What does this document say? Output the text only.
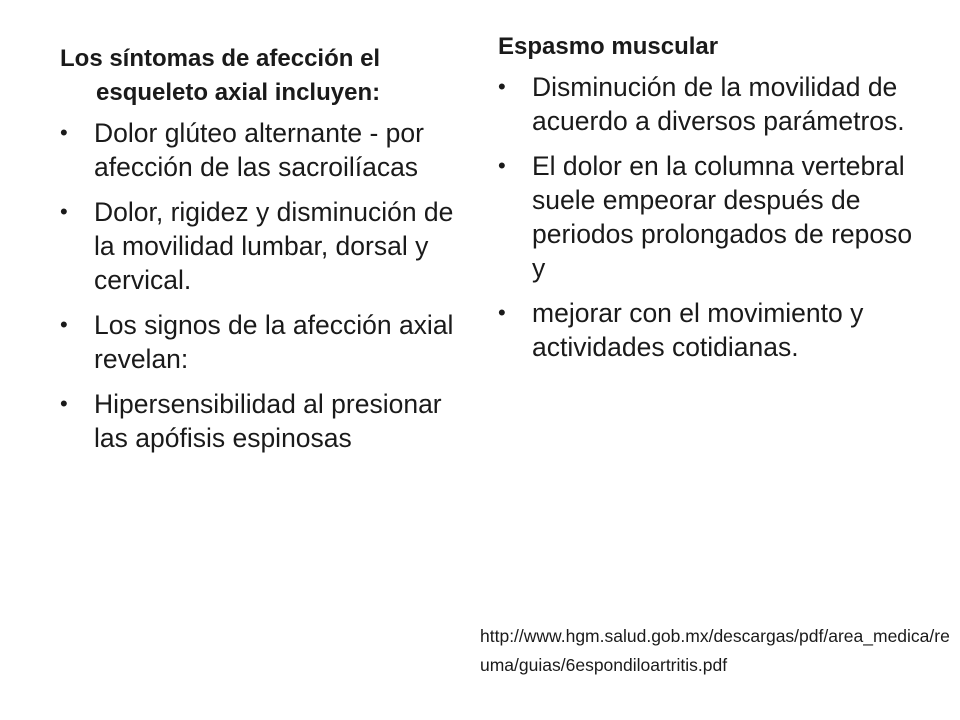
Los síntomas de afección el esqueleto axial incluyen:
• Dolor glúteo alternante - por afección de las sacroilíacas
• Dolor, rigidez y disminución de la movilidad lumbar, dorsal y cervical.
• Los signos de la afección axial revelan:
• Hipersensibilidad al presionar las apófisis espinosas
Espasmo muscular
• Disminución de la movilidad de acuerdo a diversos parámetros.
• El dolor en la columna vertebral suele empeorar después de periodos prolongados de reposo y
• mejorar con el movimiento y actividades cotidianas.
http://www.hgm.salud.gob.mx/descargas/pdf/area_medica/reuma/guias/6espondiloartritis.pdf
